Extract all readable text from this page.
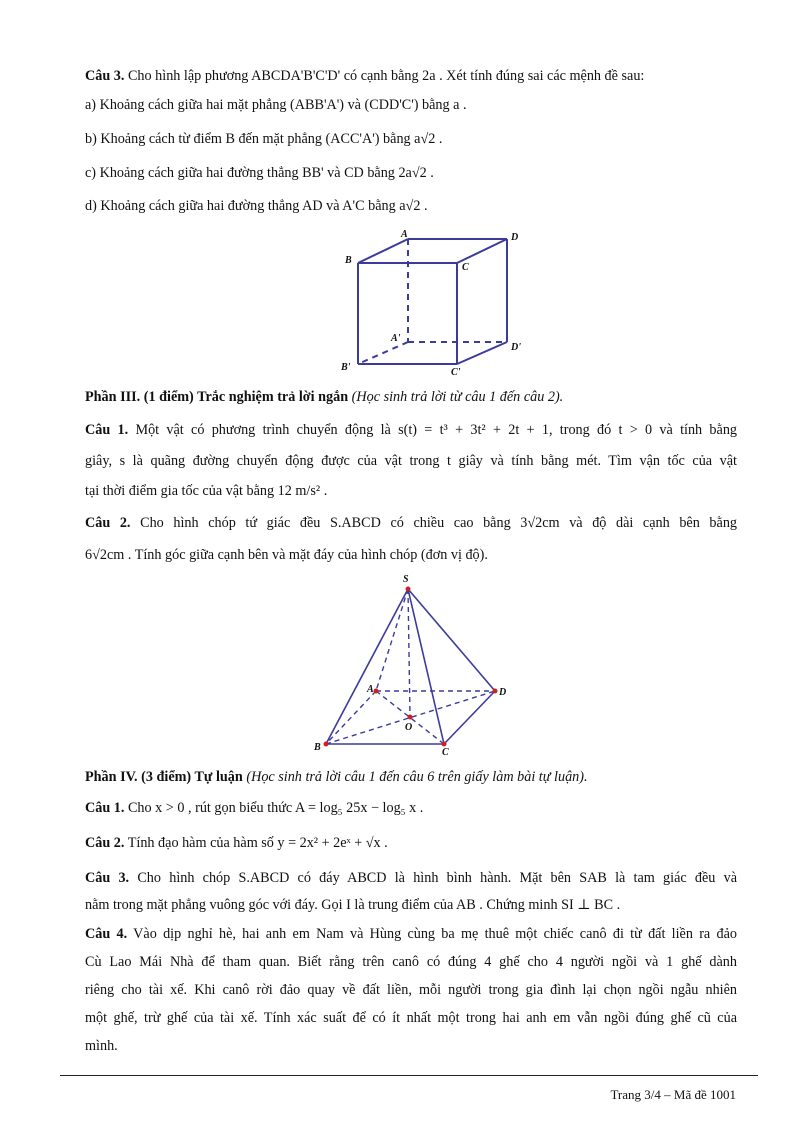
Câu 3. Cho hình lập phương ABCDA'B'C'D' có cạnh bằng 2a . Xét tính đúng sai các mệnh đề sau:
a) Khoảng cách giữa hai mặt phẳng (ABB'A') và (CDD'C') bằng a .
b) Khoảng cách từ điểm B đến mặt phẳng (ACC'A') bằng a√2 .
c) Khoảng cách giữa hai đường thẳng BB' và CD bằng 2a√2 .
d) Khoảng cách giữa hai đường thẳng AD và A'C bằng a√2 .
A	D
B
C
A'
D'
B'	C'
Phần III. (1 điểm) Trắc nghiệm trả lời ngắn (Học sinh trả lời từ câu 1 đến câu 2).
Câu 1. Một vật có phương trình chuyển động là s(t) = t³ + 3t² + 2t + 1, trong đó t > 0 và tính bằng
giây, s là quãng đường chuyển động được của vật trong t giây và tính bằng mét. Tìm vận tốc của vật
tại thời điểm gia tốc của vật bằng 12 m/s² .
Câu 2. Cho hình chóp tứ giác đều S.ABCD có chiều cao bằng 3√2cm và độ dài cạnh bên bằng
6√2cm . Tính góc giữa cạnh bên và mặt đáy của hình chóp (đơn vị độ).
S
A	D
O
B	C
Phần IV. (3 điểm) Tự luận (Học sinh trả lời câu 1 đến câu 6 trên giấy làm bài tự luận).
Câu 1. Cho x > 0 , rút gọn biểu thức A = log₅ 25x − log₅ x .
Câu 2. Tính đạo hàm của hàm số y = 2x² + 2eˣ + √x .
Câu 3. Cho hình chóp S.ABCD có đáy ABCD là hình bình hành. Mặt bên SAB là tam giác đều và
nằm trong mặt phẳng vuông góc với đáy. Gọi I là trung điểm của AB . Chứng minh SI ⊥ BC .
Câu 4. Vào dịp nghỉ hè, hai anh em Nam và Hùng cùng ba mẹ thuê một chiếc canô đi từ đất liền ra đảo
Cù Lao Mái Nhà để tham quan. Biết rằng trên canô có đúng 4 ghế cho 4 người ngồi và 1 ghế dành
riêng cho tài xế. Khi canô rời đảo quay về đất liền, mỗi người trong gia đình lại chọn ngồi ngẫu nhiên
một ghế, trừ ghế của tài xế. Tính xác suất để có ít nhất một trong hai anh em vẫn ngồi đúng ghế cũ của
mình.
Trang 3/4 – Mã đề 1001
